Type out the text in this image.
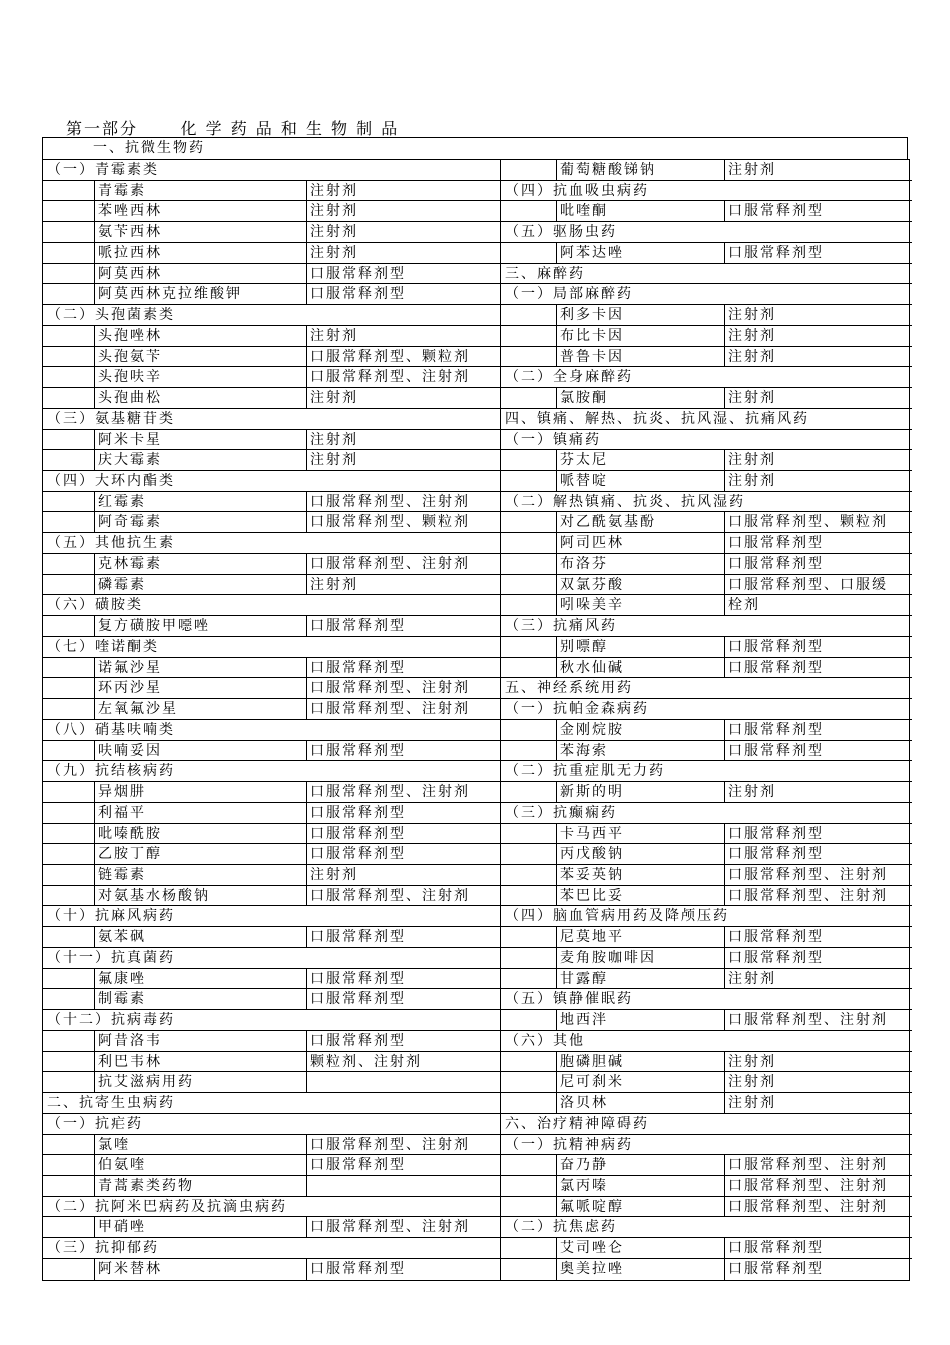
第一部分      化 学 药 品 和 生 物 制 品
一、抗微生物药
（一）青霉素类
青霉素	注射剂
苯唑西林	注射剂
氨苄西林	注射剂
哌拉西林	注射剂
阿莫西林	口服常释剂型
阿莫西林克拉维酸钾	口服常释剂型
（二）头孢菌素类
头孢唑林	注射剂
头孢氨苄	口服常释剂型、颗粒剂
头孢呋辛	口服常释剂型、注射剂
头孢曲松	注射剂
（三）氨基糖苷类
阿米卡星	注射剂
庆大霉素	注射剂
（四）大环内酯类
红霉素	口服常释剂型、注射剂
阿奇霉素	口服常释剂型、颗粒剂
（五）其他抗生素
克林霉素	口服常释剂型、注射剂
磷霉素	注射剂
（六）磺胺类
复方磺胺甲噁唑	口服常释剂型
（七）喹诺酮类
诺氟沙星	口服常释剂型
环丙沙星	口服常释剂型、注射剂
左氧氟沙星	口服常释剂型、注射剂
（八）硝基呋喃类
呋喃妥因	口服常释剂型
（九）抗结核病药
异烟肼	口服常释剂型、注射剂
利福平	口服常释剂型
吡嗪酰胺	口服常释剂型
乙胺丁醇	口服常释剂型
链霉素	注射剂
对氨基水杨酸钠	口服常释剂型、注射剂
（十）抗麻风病药
氨苯砜	口服常释剂型
（十一）抗真菌药
氟康唑	口服常释剂型
制霉素	口服常释剂型
（十二）抗病毒药
阿昔洛韦	口服常释剂型
利巴韦林	颗粒剂、注射剂
抗艾滋病用药
二、抗寄生虫病药
（一）抗疟药
氯喹	口服常释剂型、注射剂
伯氨喹	口服常释剂型
青蒿素类药物
（二）抗阿米巴病药及抗滴虫病药
甲硝唑	口服常释剂型、注射剂
（三）抗抑郁药
阿米替林	口服常释剂型
葡萄糖酸锑钠	注射剂
（四）抗血吸虫病药
吡喹酮	口服常释剂型
（五）驱肠虫药
阿苯达唑	口服常释剂型
三、麻醉药
（一）局部麻醉药
利多卡因	注射剂
布比卡因	注射剂
普鲁卡因	注射剂
（二）全身麻醉药
氯胺酮	注射剂
四、镇痛、解热、抗炎、抗风湿、抗痛风药
（一）镇痛药
芬太尼	注射剂
哌替啶	注射剂
（二）解热镇痛、抗炎、抗风湿药
对乙酰氨基酚	口服常释剂型、颗粒剂
阿司匹林	口服常释剂型
布洛芬	口服常释剂型
双氯芬酸	口服常释剂型、口服缓
吲哚美辛	栓剂
（三）抗痛风药
别嘌醇	口服常释剂型
秋水仙碱	口服常释剂型
五、神经系统用药
（一）抗帕金森病药
金刚烷胺	口服常释剂型
苯海索	口服常释剂型
（二）抗重症肌无力药
新斯的明	注射剂
（三）抗癫痫药
卡马西平	口服常释剂型
丙戊酸钠	口服常释剂型
苯妥英钠	口服常释剂型、注射剂
苯巴比妥	口服常释剂型、注射剂
（四）脑血管病用药及降颅压药
尼莫地平	口服常释剂型
麦角胺咖啡因	口服常释剂型
甘露醇	注射剂
（五）镇静催眠药
地西泮	口服常释剂型、注射剂
（六）其他
胞磷胆碱	注射剂
尼可刹米	注射剂
洛贝林	注射剂
六、治疗精神障碍药
（一）抗精神病药
奋乃静	口服常释剂型、注射剂
氯丙嗪	口服常释剂型、注射剂
氟哌啶醇	口服常释剂型、注射剂
（二）抗焦虑药
艾司唑仑	口服常释剂型
奥美拉唑	口服常释剂型
